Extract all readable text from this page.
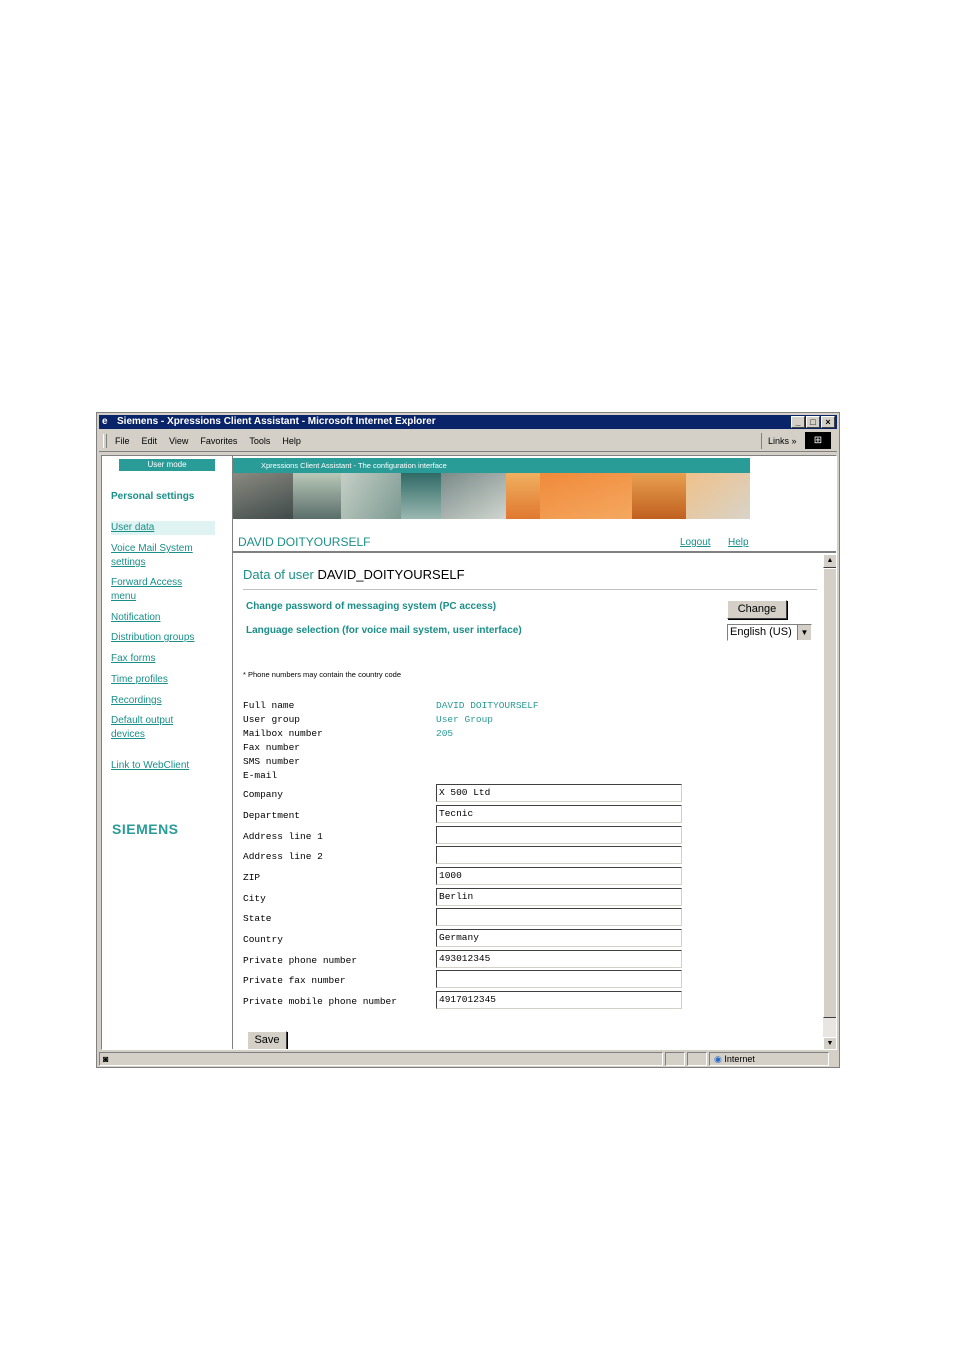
e Siemens - Xpressions Client Assistant - Microsoft Internet Explorer	_	□	×
File Edit View Favorites Tools Help	Links »	⊞
User mode
Personal settings
User data
Voice Mail System
settings
Forward Access
menu
Notification
Distribution groups
Fax forms
Time profiles
Recordings
Default output
devices
Link to WebClient
SIEMENS
Xpressions Client Assistant - The configuration interface
DAVID DOITYOURSELF	Logout Help
Data of user DAVID_DOITYOURSELF
Change password of messaging system (PC access)	Change
Language selection (for voice mail system, user interface)	English (US)	▼
* Phone numbers may contain the country code
Full name	DAVID DOITYOURSELF
User group	User Group
Mailbox number	205
Fax number
SMS number
E-mail
Company	X 500 Ltd
Department	Tecnic
Address line 1
Address line 2
ZIP	1000
City	Berlin
State
Country	Germany
Private phone number	493012345
Private fax number
Private mobile phone number	4917012345
Save
▲
▼
◙	◉ Internet
